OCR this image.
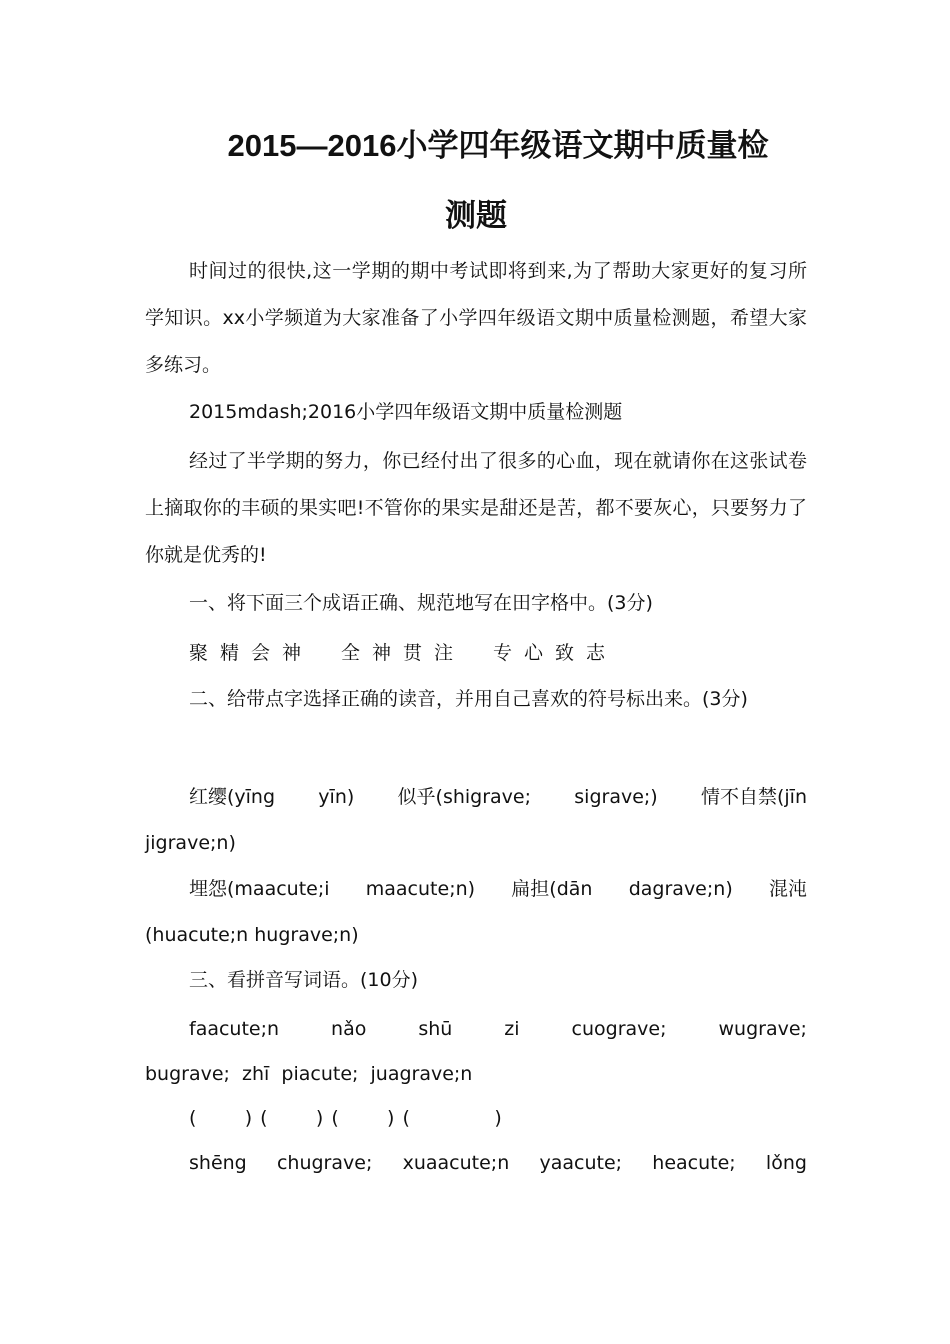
2015—2016小学四年级语文期中质量检
测题

时间过的很快,这一学期的期中考试即将到来,为了帮助大家更好的复习所学知识。xx小学频道为大家准备了小学四年级语文期中质量检测题，希望大家多练习。

2015mdash;2016小学四年级语文期中质量检测题

经过了半学期的努力，你已经付出了很多的心血，现在就请你在这张试卷上摘取你的丰硕的果实吧!不管你的果实是甜还是苦，都不要灰心，只要努力了你就是优秀的!

一、将下面三个成语正确、规范地写在田字格中。(3分)

聚精会神 全神贯注 专心致志

二、给带点字选择正确的读音，并用自己喜欢的符号标出来。(3分)

红缨(yīng yīn) 似乎(shigrave; sigrave;) 情不自禁(jīn
jigrave;n)
埋怨(maacute;i maacute;n) 扁担(dān dagrave;n) 混沌
(huacute;n hugrave;n)

三、看拼音写词语。(10分)

faacute;n	nǎo	shū	zi	cuograve;	wugrave;
bugrave;  zhī  piacute;  juagrave;n
(        ) (        ) (        ) (              )
shēng chugrave; xuaacute;n yaacute; heacute; lǒng
